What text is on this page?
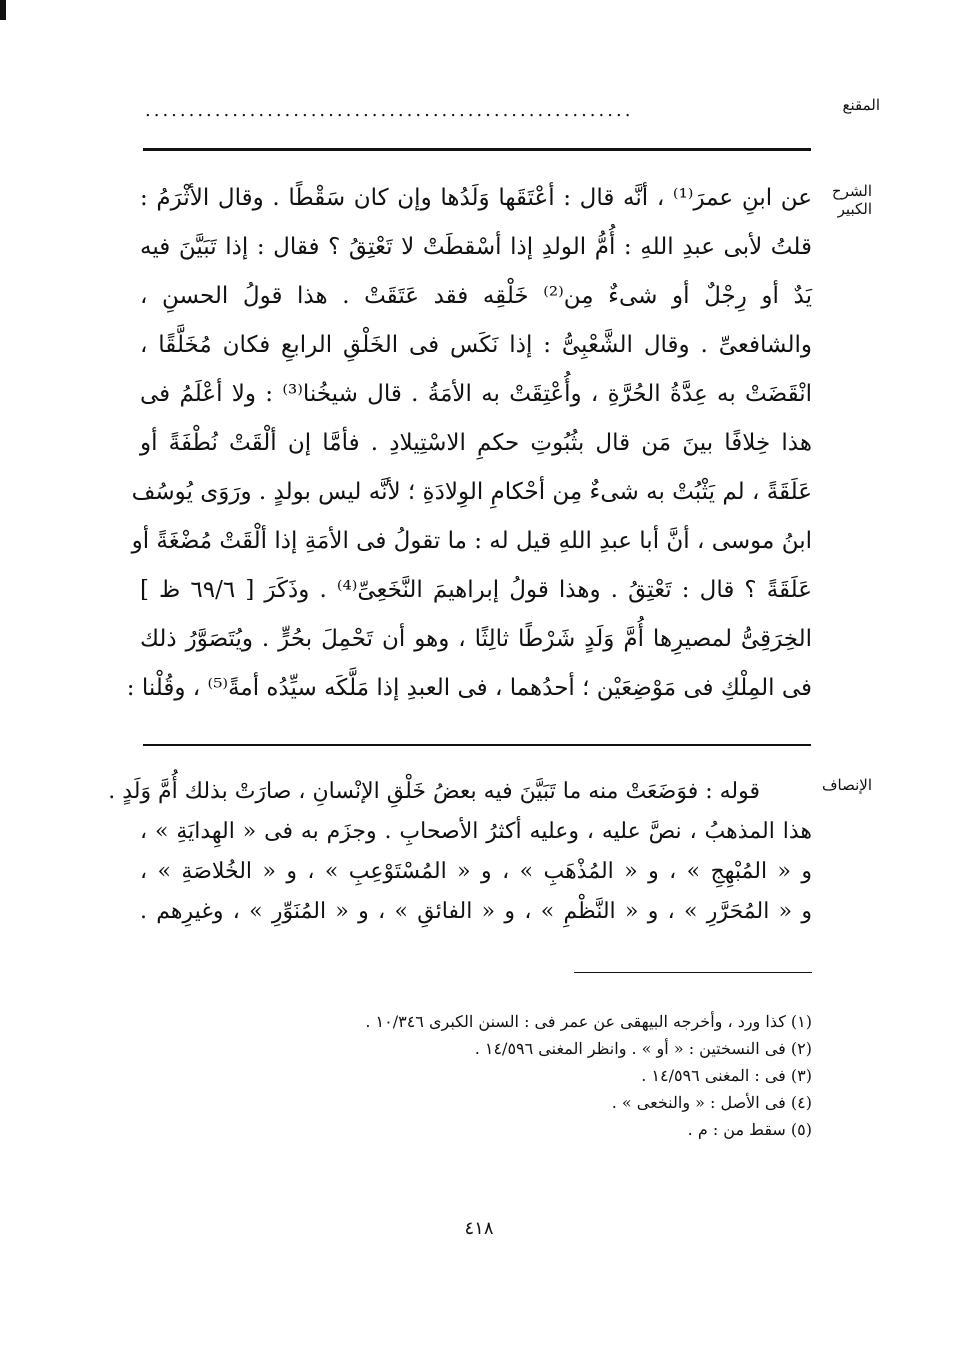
المقنع
........................................................
الشرح الكبير
عن ابنِ عمرَ⁽¹⁾ ، أنَّه قال : أعْتَقَها وَلَدُها وإن كان سَقْطًا . وقال الأثْرَمُ :
قلتُ لأبى عبدِ اللهِ : أُمُّ الولدِ إذا أسْقطَتْ لا تَعْتِقُ ؟ فقال : إذا تَبَيَّنَ فيه
يَدٌ أو رِجْلٌ أو شىءٌ مِن⁽²⁾ خَلْقِه فقد عَتَقَتْ . هذا قولُ الحسنِ ،
والشافعىِّ . وقال الشَّعْبِىُّ : إذا نَكَس فى الخَلْقِ الرابعِ فكان مُخَلَّقًا ،
انْقَضَتْ به عِدَّةُ الحُرَّةِ ، وأُعْتِقَتْ به الأمَةُ . قال شيخُنا⁽³⁾ : ولا أعْلَمُ فى
هذا خِلافًا بينَ مَن قال بثُبُوتِ حكمِ الاسْتِيلادِ . فأمَّا إن ألْقَتْ نُطْفَةً أو
عَلَقَةً ، لم يَثْبُتْ به شىءٌ مِن أحْكامِ الوِلادَةِ ؛ لأنَّه ليس بولدٍ . ورَوَى يُوسُف
ابنُ موسى ، أنَّ أبا عبدِ اللهِ قيل له : ما تقولُ فى الأمَةِ إذا ألْقَتْ مُضْغَةً أو
عَلَقَةً ؟ قال : تَعْتِقُ . وهذا قولُ إبراهيمَ النَّخَعِىِّ⁽⁴⁾ . وذَكَرَ [ ٦٩/٦ ظ ]
الخِرَقِىُّ لمصيرِها أُمَّ وَلَدٍ شَرْطًا ثالِثًا ، وهو أن تَحْمِلَ بحُرٍّ . ويُتَصَوَّرُ ذلك
فى المِلْكِ فى مَوْضِعَيْن ؛ أحدُهما ، فى العبدِ إذا مَلَّكَه سيِّدُه أمةً⁽⁵⁾ ، وقُلْنا :
الإنصاف
قوله : فوَضَعَتْ منه ما تَبَيَّنَ فيه بعضُ خَلْقِ الإنْسانِ ، صارَتْ بذلك أُمَّ وَلَدٍ .
هذا المذهبُ ، نصَّ عليه ، وعليه أكثرُ الأصحابِ . وجزَم به فى « الهِدايَةِ » ،
و « المُبْهِجِ » ، و « المُذْهَبِ » ، و « المُسْتَوْعِبِ » ، و « الخُلاصَةِ » ،
و « المُحَرَّرِ » ، و « النَّظْمِ » ، و « الفائقِ » ، و « المُنَوِّرِ » ، وغيرِهم .
(١) كذا ورد ، وأخرجه البيهقى عن عمر فى : السنن الكبرى ١٠/٣٤٦ .
(٢) فى النسختين : « أو » . وانظر المغنى ١٤/٥٩٦ .
(٣) فى : المغنى ١٤/٥٩٦ .
(٤) فى الأصل : « والنخعى » .
(٥) سقط من : م .
٤١٨
